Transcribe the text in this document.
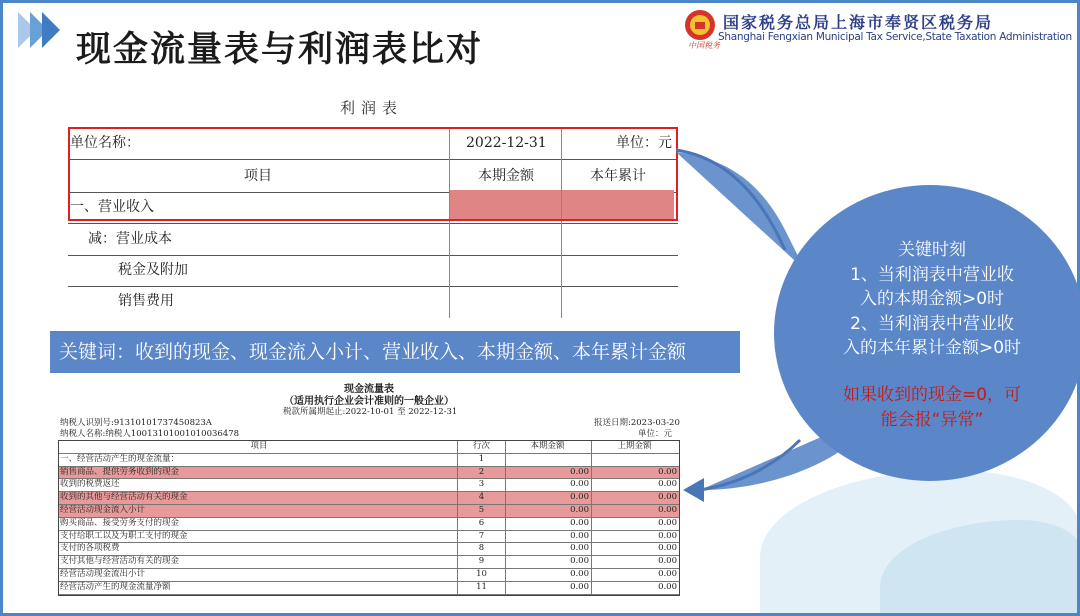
现金流量表与利润表比对
国家税务总局上海市奉贤区税务局
Shanghai Fengxian Municipal Tax Service,State Taxation Administration
中国税务
利润表
单位名称：	2022-12-31	单位：元
项目	本期金额	本年累计
一、营业收入
减：营业成本
税金及附加
销售费用
关键词：收到的现金、现金流入小计、营业收入、本期金额、本年累计金额
现金流量表
（适用执行企业会计准则的一般企业）
税款所属期起止:2022-10-01 至 2022-12-31
纳税人识别号:91310101737450823A	报送日期:2023-03-20
纳税人名称:纳税人10013101001010036478	单位：元
项目	行次	本期金额	上期金额
一、经营活动产生的现金流量：	1
销售商品、提供劳务收到的现金	2	0.00	0.00
收到的税费返还	3	0.00	0.00
收到的其他与经营活动有关的现金	4	0.00	0.00
经营活动现金流入小计	5	0.00	0.00
购买商品、接受劳务支付的现金	6	0.00	0.00
支付给职工以及为职工支付的现金	7	0.00	0.00
支付的各项税费	8	0.00	0.00
支付其他与经营活动有关的现金	9	0.00	0.00
经营活动现金流出小计	10	0.00	0.00
经营活动产生的现金流量净额	11	0.00	0.00
关键时刻
1、当利润表中营业收
入的本期金额>0时
2、当利润表中营业收
入的本年累计金额>0时
如果收到的现金=0，可
能会报“异常”
